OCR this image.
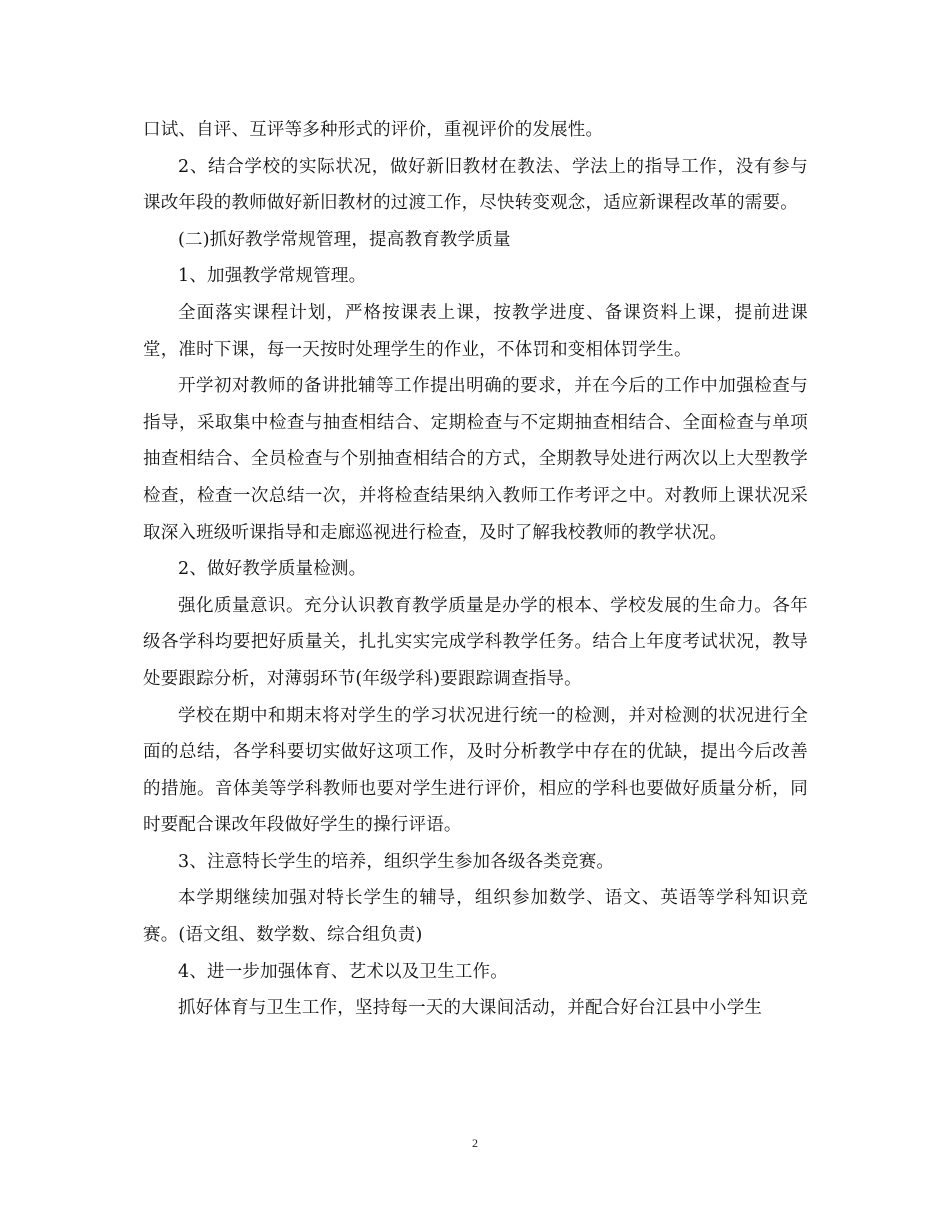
口试、自评、互评等多种形式的评价，重视评价的发展性。

2、结合学校的实际状况，做好新旧教材在教法、学法上的指导工作，没有参与课改年段的教师做好新旧教材的过渡工作，尽快转变观念，适应新课程改革的需要。

(二)抓好教学常规管理，提高教育教学质量

1、加强教学常规管理。

全面落实课程计划，严格按课表上课，按教学进度、备课资料上课，提前进课堂，准时下课，每一天按时处理学生的作业，不体罚和变相体罚学生。

开学初对教师的备讲批辅等工作提出明确的要求，并在今后的工作中加强检查与指导，采取集中检查与抽查相结合、定期检查与不定期抽查相结合、全面检查与单项抽查相结合、全员检查与个别抽查相结合的方式，全期教导处进行两次以上大型教学检查，检查一次总结一次，并将检查结果纳入教师工作考评之中。对教师上课状况采取深入班级听课指导和走廊巡视进行检查，及时了解我校教师的教学状况。

2、做好教学质量检测。

强化质量意识。充分认识教育教学质量是办学的根本、学校发展的生命力。各年级各学科均要把好质量关，扎扎实实完成学科教学任务。结合上年度考试状况，教导处要跟踪分析，对薄弱环节(年级学科)要跟踪调查指导。

学校在期中和期末将对学生的学习状况进行统一的检测，并对检测的状况进行全面的总结，各学科要切实做好这项工作，及时分析教学中存在的优缺，提出今后改善的措施。音体美等学科教师也要对学生进行评价，相应的学科也要做好质量分析，同时要配合课改年段做好学生的操行评语。

3、注意特长学生的培养，组织学生参加各级各类竞赛。

本学期继续加强对特长学生的辅导，组织参加数学、语文、英语等学科知识竞赛。(语文组、数学数、综合组负责)

4、进一步加强体育、艺术以及卫生工作。

抓好体育与卫生工作，坚持每一天的大课间活动，并配合好台江县中小学生

2
